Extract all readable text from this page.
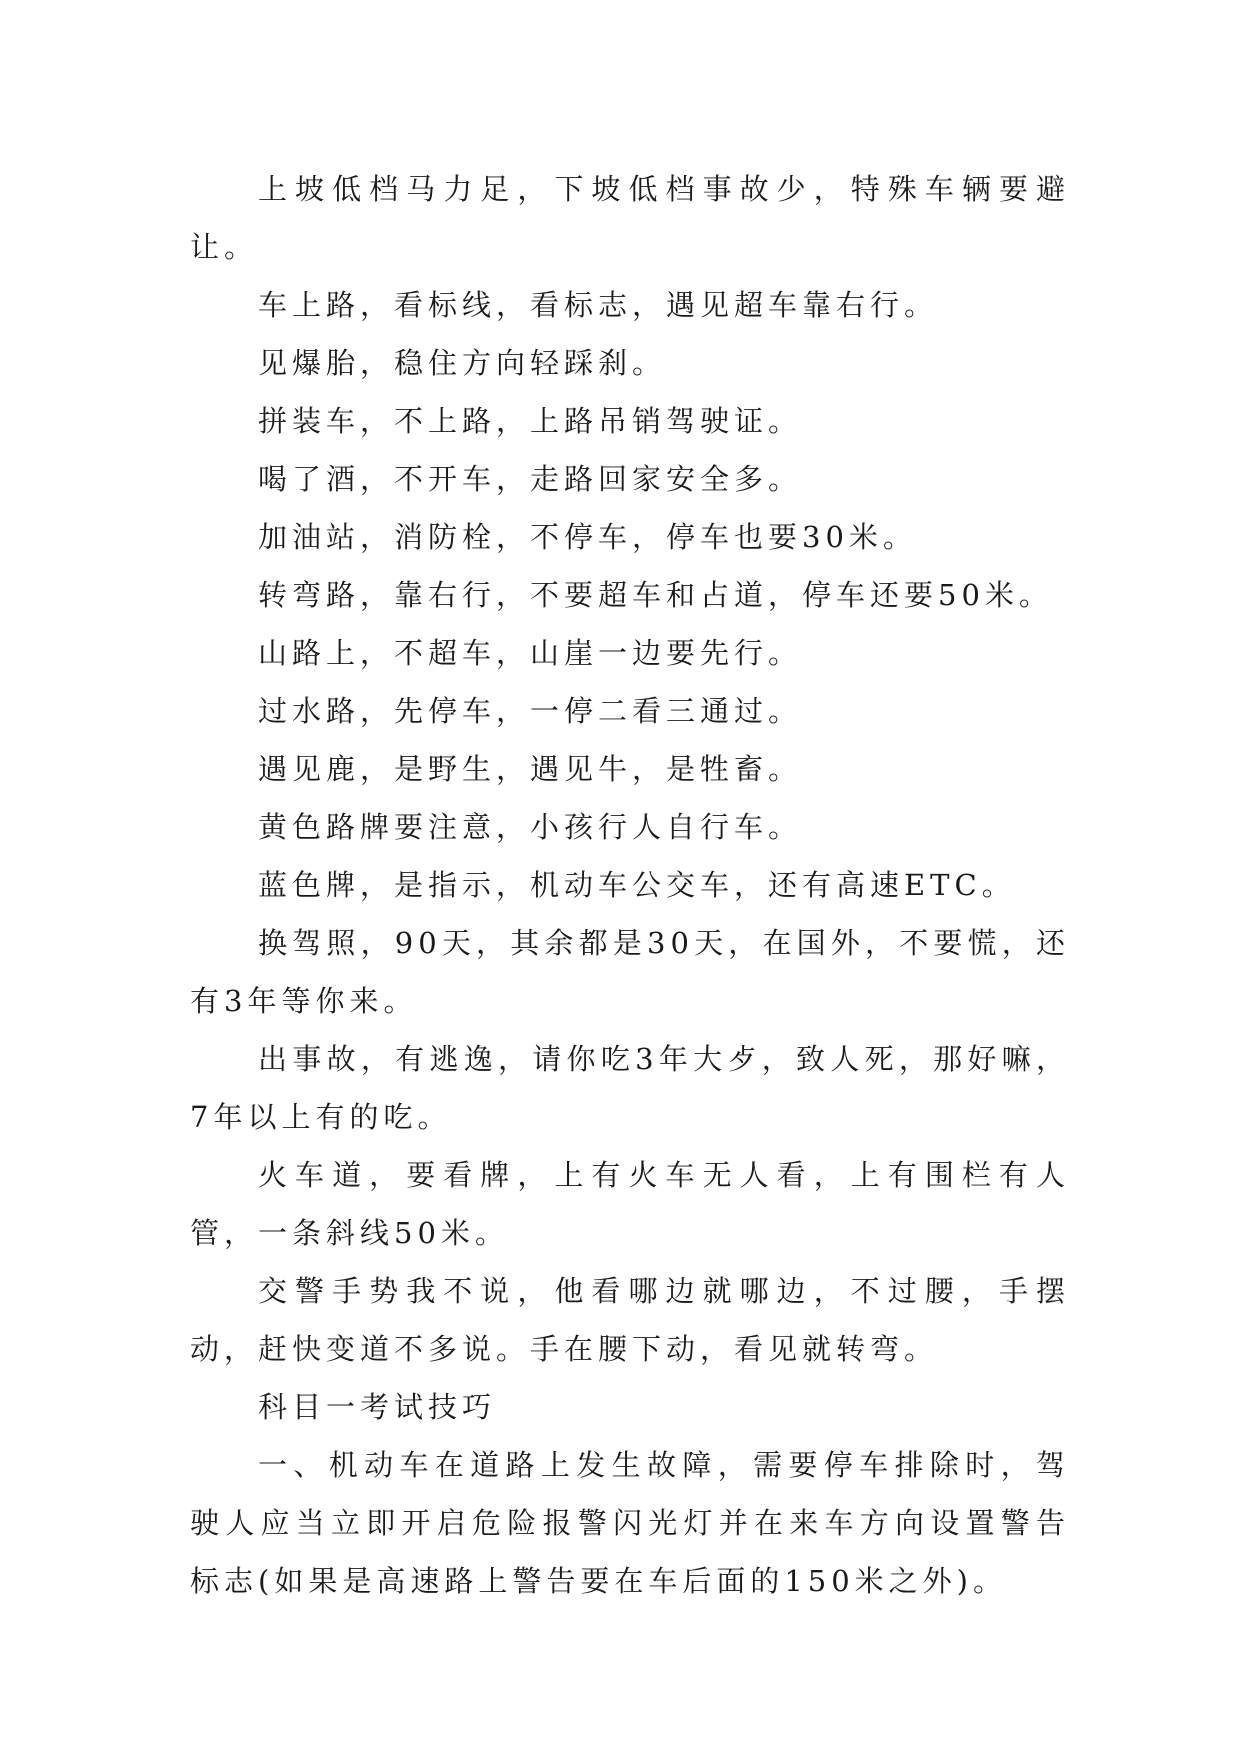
上坡低档马力足，下坡低档事故少，特殊车辆要避让。

车上路，看标线，看标志，遇见超车靠右行。

见爆胎，稳住方向轻踩刹。

拼装车，不上路，上路吊销驾驶证。

喝了酒，不开车，走路回家安全多。

加油站，消防栓，不停车，停车也要30米。

转弯路，靠右行，不要超车和占道，停车还要50米。

山路上，不超车，山崖一边要先行。

过水路，先停车，一停二看三通过。

遇见鹿，是野生，遇见牛，是牲畜。

黄色路牌要注意，小孩行人自行车。

蓝色牌，是指示，机动车公交车，还有高速ETC。

换驾照，90天，其余都是30天，在国外，不要慌，还有3年等你来。

出事故，有逃逸，请你吃3年大歺，致人死，那好嘛，7年以上有的吃。

火车道，要看牌，上有火车无人看，上有围栏有人管，一条斜线50米。

交警手势我不说，他看哪边就哪边，不过腰，手摆动，赶快变道不多说。手在腰下动，看见就转弯。

科目一考试技巧

一、机动车在道路上发生故障，需要停车排除时，驾驶人应当立即开启危险报警闪光灯并在来车方向设置警告标志(如果是高速路上警告要在车后面的150米之外)。
